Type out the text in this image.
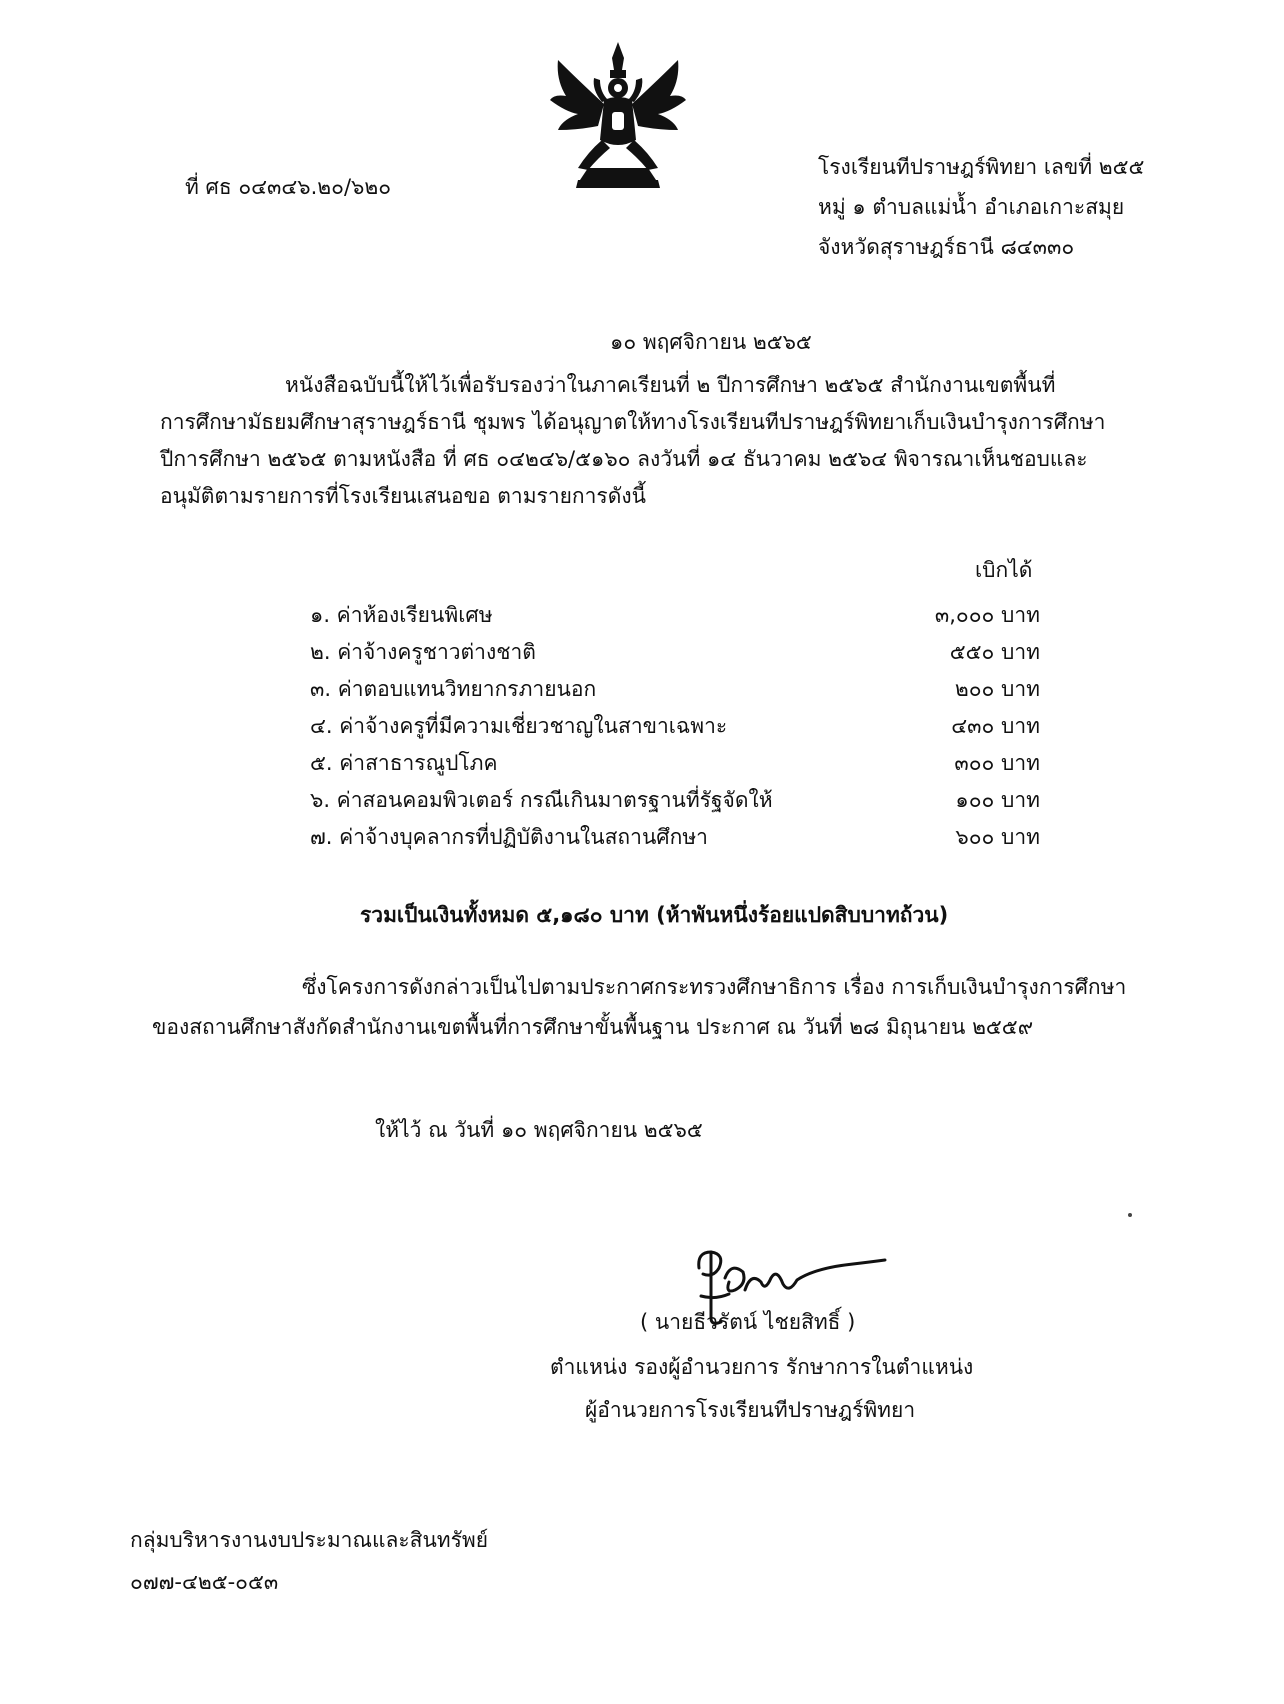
ที่ ศธ ๐๔๓๔๖.๒๐/๖๒๐
โรงเรียนทีปราษฎร์พิทยา เลขที่ ๒๕๕
หมู่ ๑ ตำบลแม่น้ำ อำเภอเกาะสมุย
จังหวัดสุราษฎร์ธานี ๘๔๓๓๐
๑๐ พฤศจิกายน ๒๕๖๕
หนังสือฉบับนี้ให้ไว้เพื่อรับรองว่าในภาคเรียนที่ ๒ ปีการศึกษา ๒๕๖๕ สำนักงานเขตพื้นที่
การศึกษามัธยมศึกษาสุราษฎร์ธานี ชุมพร ได้อนุญาตให้ทางโรงเรียนทีปราษฎร์พิทยาเก็บเงินบำรุงการศึกษา
ปีการศึกษา ๒๕๖๕ ตามหนังสือ ที่ ศธ ๐๔๒๔๖/๕๑๖๐ ลงวันที่ ๑๔ ธันวาคม ๒๕๖๔ พิจารณาเห็นชอบและ
อนุมัติตามรายการที่โรงเรียนเสนอขอ ตามรายการดังนี้
เบิกได้
๑. ค่าห้องเรียนพิเศษ	๓,๐๐๐ บาท
๒. ค่าจ้างครูชาวต่างชาติ	๕๕๐ บาท
๓. ค่าตอบแทนวิทยากรภายนอก	๒๐๐ บาท
๔. ค่าจ้างครูที่มีความเชี่ยวชาญในสาขาเฉพาะ	๔๓๐ บาท
๕. ค่าสาธารณูปโภค	๓๐๐ บาท
๖. ค่าสอนคอมพิวเตอร์ กรณีเกินมาตรฐานที่รัฐจัดให้	๑๐๐ บาท
๗. ค่าจ้างบุคลากรที่ปฏิบัติงานในสถานศึกษา	๖๐๐ บาท
รวมเป็นเงินทั้งหมด ๕,๑๘๐ บาท (ห้าพันหนึ่งร้อยแปดสิบบาทถ้วน)
ซึ่งโครงการดังกล่าวเป็นไปตามประกาศกระทรวงศึกษาธิการ เรื่อง การเก็บเงินบำรุงการศึกษา
ของสถานศึกษาสังกัดสำนักงานเขตพื้นที่การศึกษาขั้นพื้นฐาน ประกาศ ณ วันที่ ๒๘ มิถุนายน ๒๕๕๙
ให้ไว้ ณ วันที่ ๑๐ พฤศจิกายน ๒๕๖๕
( นายธีวรัตน์ ไชยสิทธิ์ )
ตำแหน่ง รองผู้อำนวยการ รักษาการในตำแหน่ง
ผู้อำนวยการโรงเรียนทีปราษฎร์พิทยา
กลุ่มบริหารงานงบประมาณและสินทรัพย์
๐๗๗-๔๒๕-๐๕๓
